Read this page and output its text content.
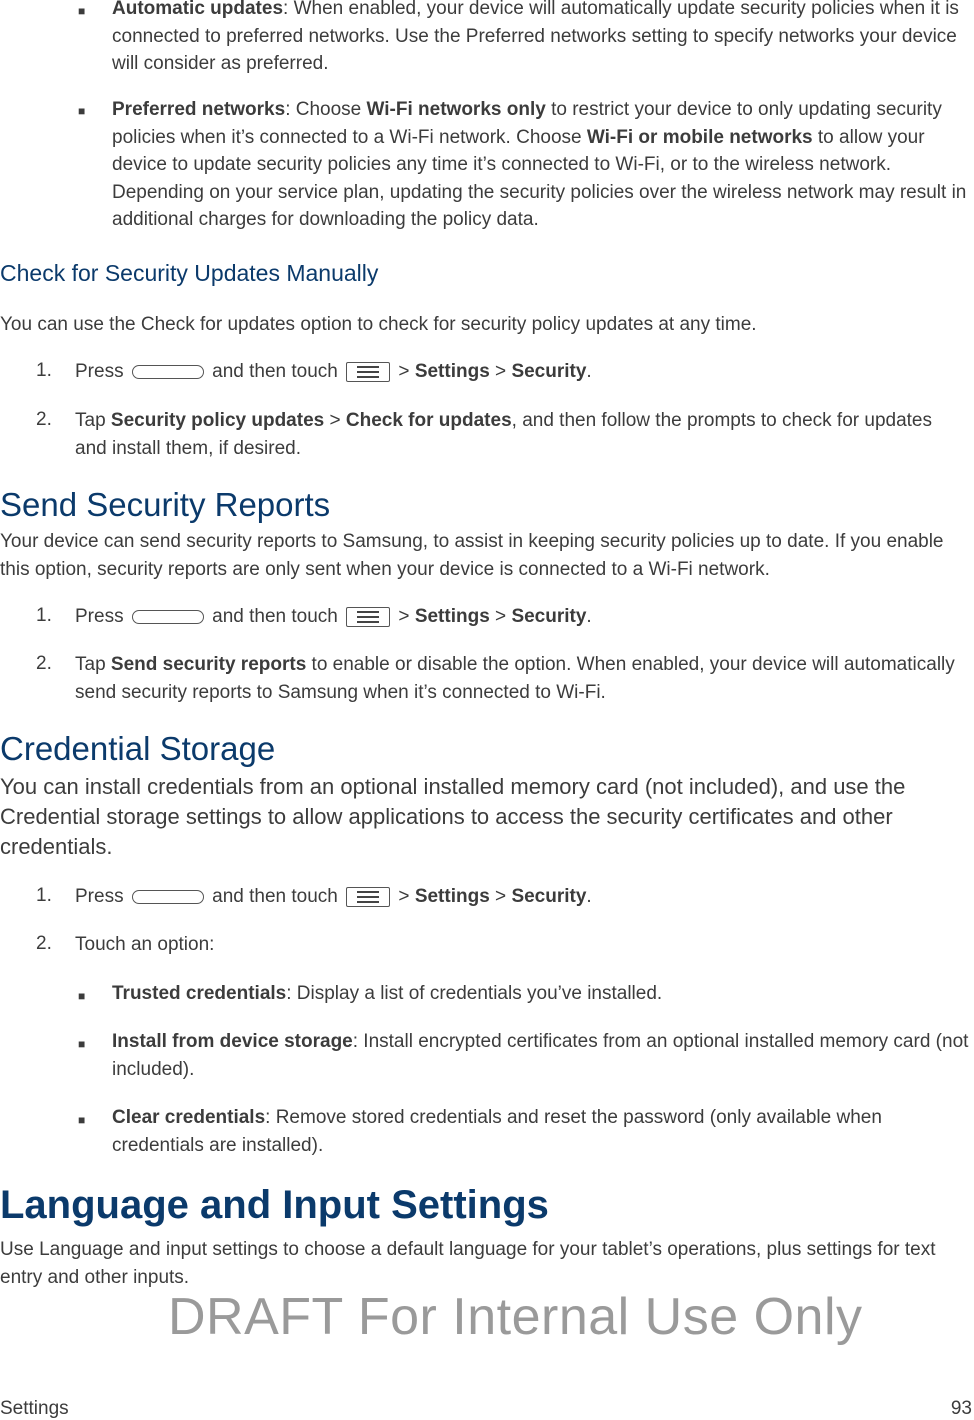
■ Automatic updates: When enabled, your device will automatically update security policies when it is connected to preferred networks. Use the Preferred networks setting to specify networks your device will consider as preferred.
■ Preferred networks: Choose Wi-Fi networks only to restrict your device to only updating security policies when it’s connected to a Wi-Fi network. Choose Wi-Fi or mobile networks to allow your device to update security policies any time it’s connected to Wi-Fi, or to the wireless network. Depending on your service plan, updating the security policies over the wireless network may result in additional charges for downloading the policy data.
Check for Security Updates Manually
You can use the Check for updates option to check for security policy updates at any time.
1. Press	and then touch	> Settings > Security.
2. Tap Security policy updates > Check for updates, and then follow the prompts to check for updates and install them, if desired.
Send Security Reports
Your device can send security reports to Samsung, to assist in keeping security policies up to date. If you enable this option, security reports are only sent when your device is connected to a Wi-Fi network.
1. Press	and then touch	> Settings > Security.
2. Tap Send security reports to enable or disable the option. When enabled, your device will automatically send security reports to Samsung when it’s connected to Wi-Fi.
Credential Storage
You can install credentials from an optional installed memory card (not included), and use the Credential storage settings to allow applications to access the security certificates and other credentials.
1. Press	and then touch	> Settings > Security.
2. Touch an option:
■ Trusted credentials: Display a list of credentials you’ve installed.
■ Install from device storage: Install encrypted certificates from an optional installed memory card (not included).
■ Clear credentials: Remove stored credentials and reset the password (only available when credentials are installed).
Language and Input Settings
Use Language and input settings to choose a default language for your tablet’s operations, plus settings for text entry and other inputs.
DRAFT For Internal Use Only
Settings	93
